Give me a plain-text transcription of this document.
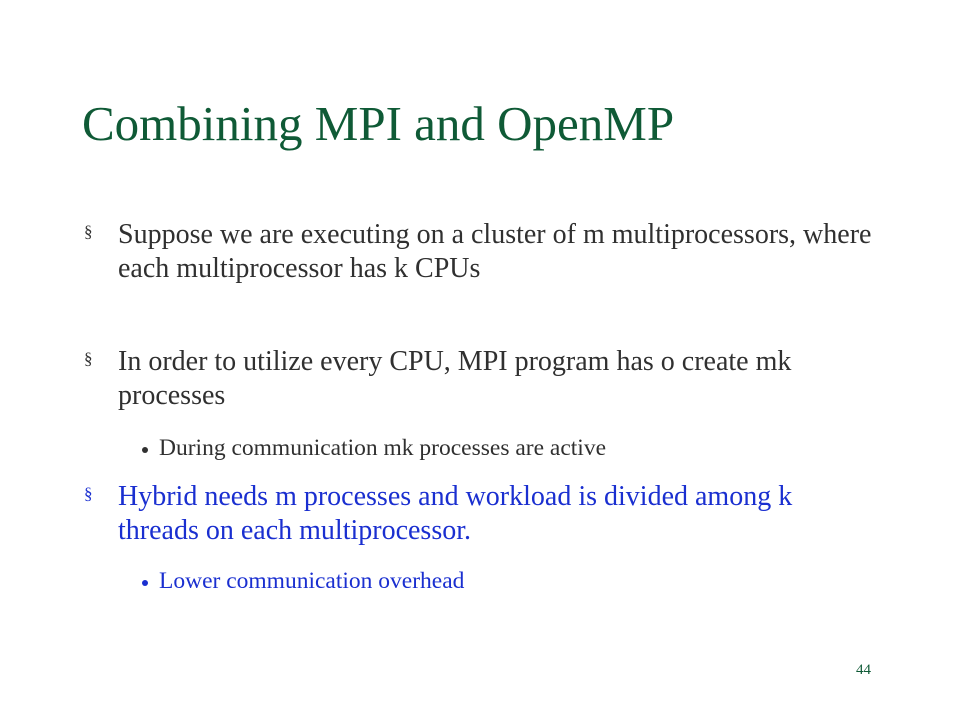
Combining MPI and OpenMP
§ Suppose we are executing on a cluster of m multiprocessors, where each multiprocessor has k CPUs
§ In order to utilize every CPU, MPI program has o create mk processes
During communication mk processes are active
§ Hybrid needs m processes and workload is divided among k threads on each multiprocessor.
Lower communication overhead
44
